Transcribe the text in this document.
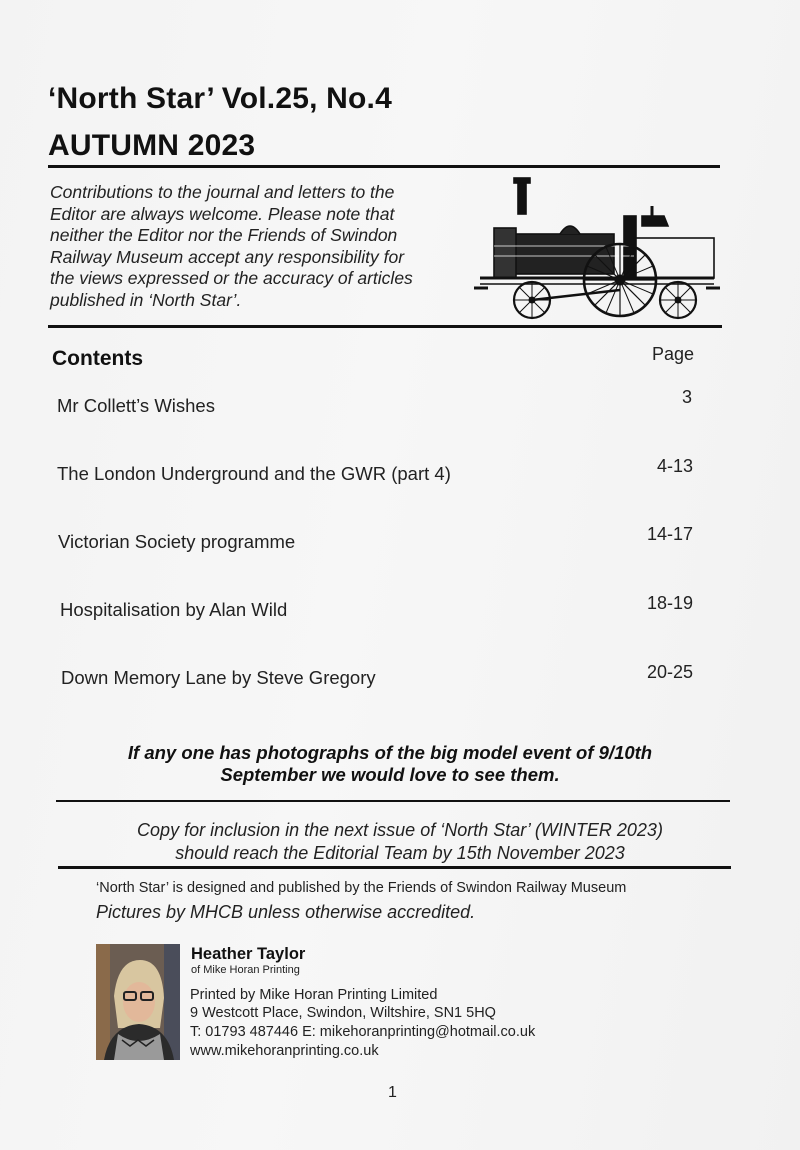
‘North Star’ Vol.25, No.4
AUTUMN 2023
Contributions to the journal and letters to the
Editor are always welcome. Please note that
neither the Editor nor the Friends of Swindon
Railway Museum accept any responsibility for
the views expressed or the accuracy of articles
published in ‘North Star’.
Contents	Page
Mr Collett’s Wishes	3
The London Underground and the GWR (part 4)	4-13
Victorian Society programme	14-17
Hospitalisation by Alan Wild	18-19
Down Memory Lane by Steve Gregory	20-25
If any one has photographs of the big model event of 9/10th
September we would love to see them.
Copy for inclusion in the next issue of ‘North Star’ (WINTER 2023)
should reach the Editorial Team by 15th November 2023
‘North Star’ is designed and published by the Friends of Swindon Railway Museum
Pictures by MHCB unless otherwise accredited.
Heather Taylor
of Mike Horan Printing
Printed by Mike Horan Printing Limited
9 Westcott Place, Swindon, Wiltshire, SN1 5HQ
T: 01793 487446 E: mikehoranprinting@hotmail.co.uk
www.mikehoranprinting.co.uk
1
